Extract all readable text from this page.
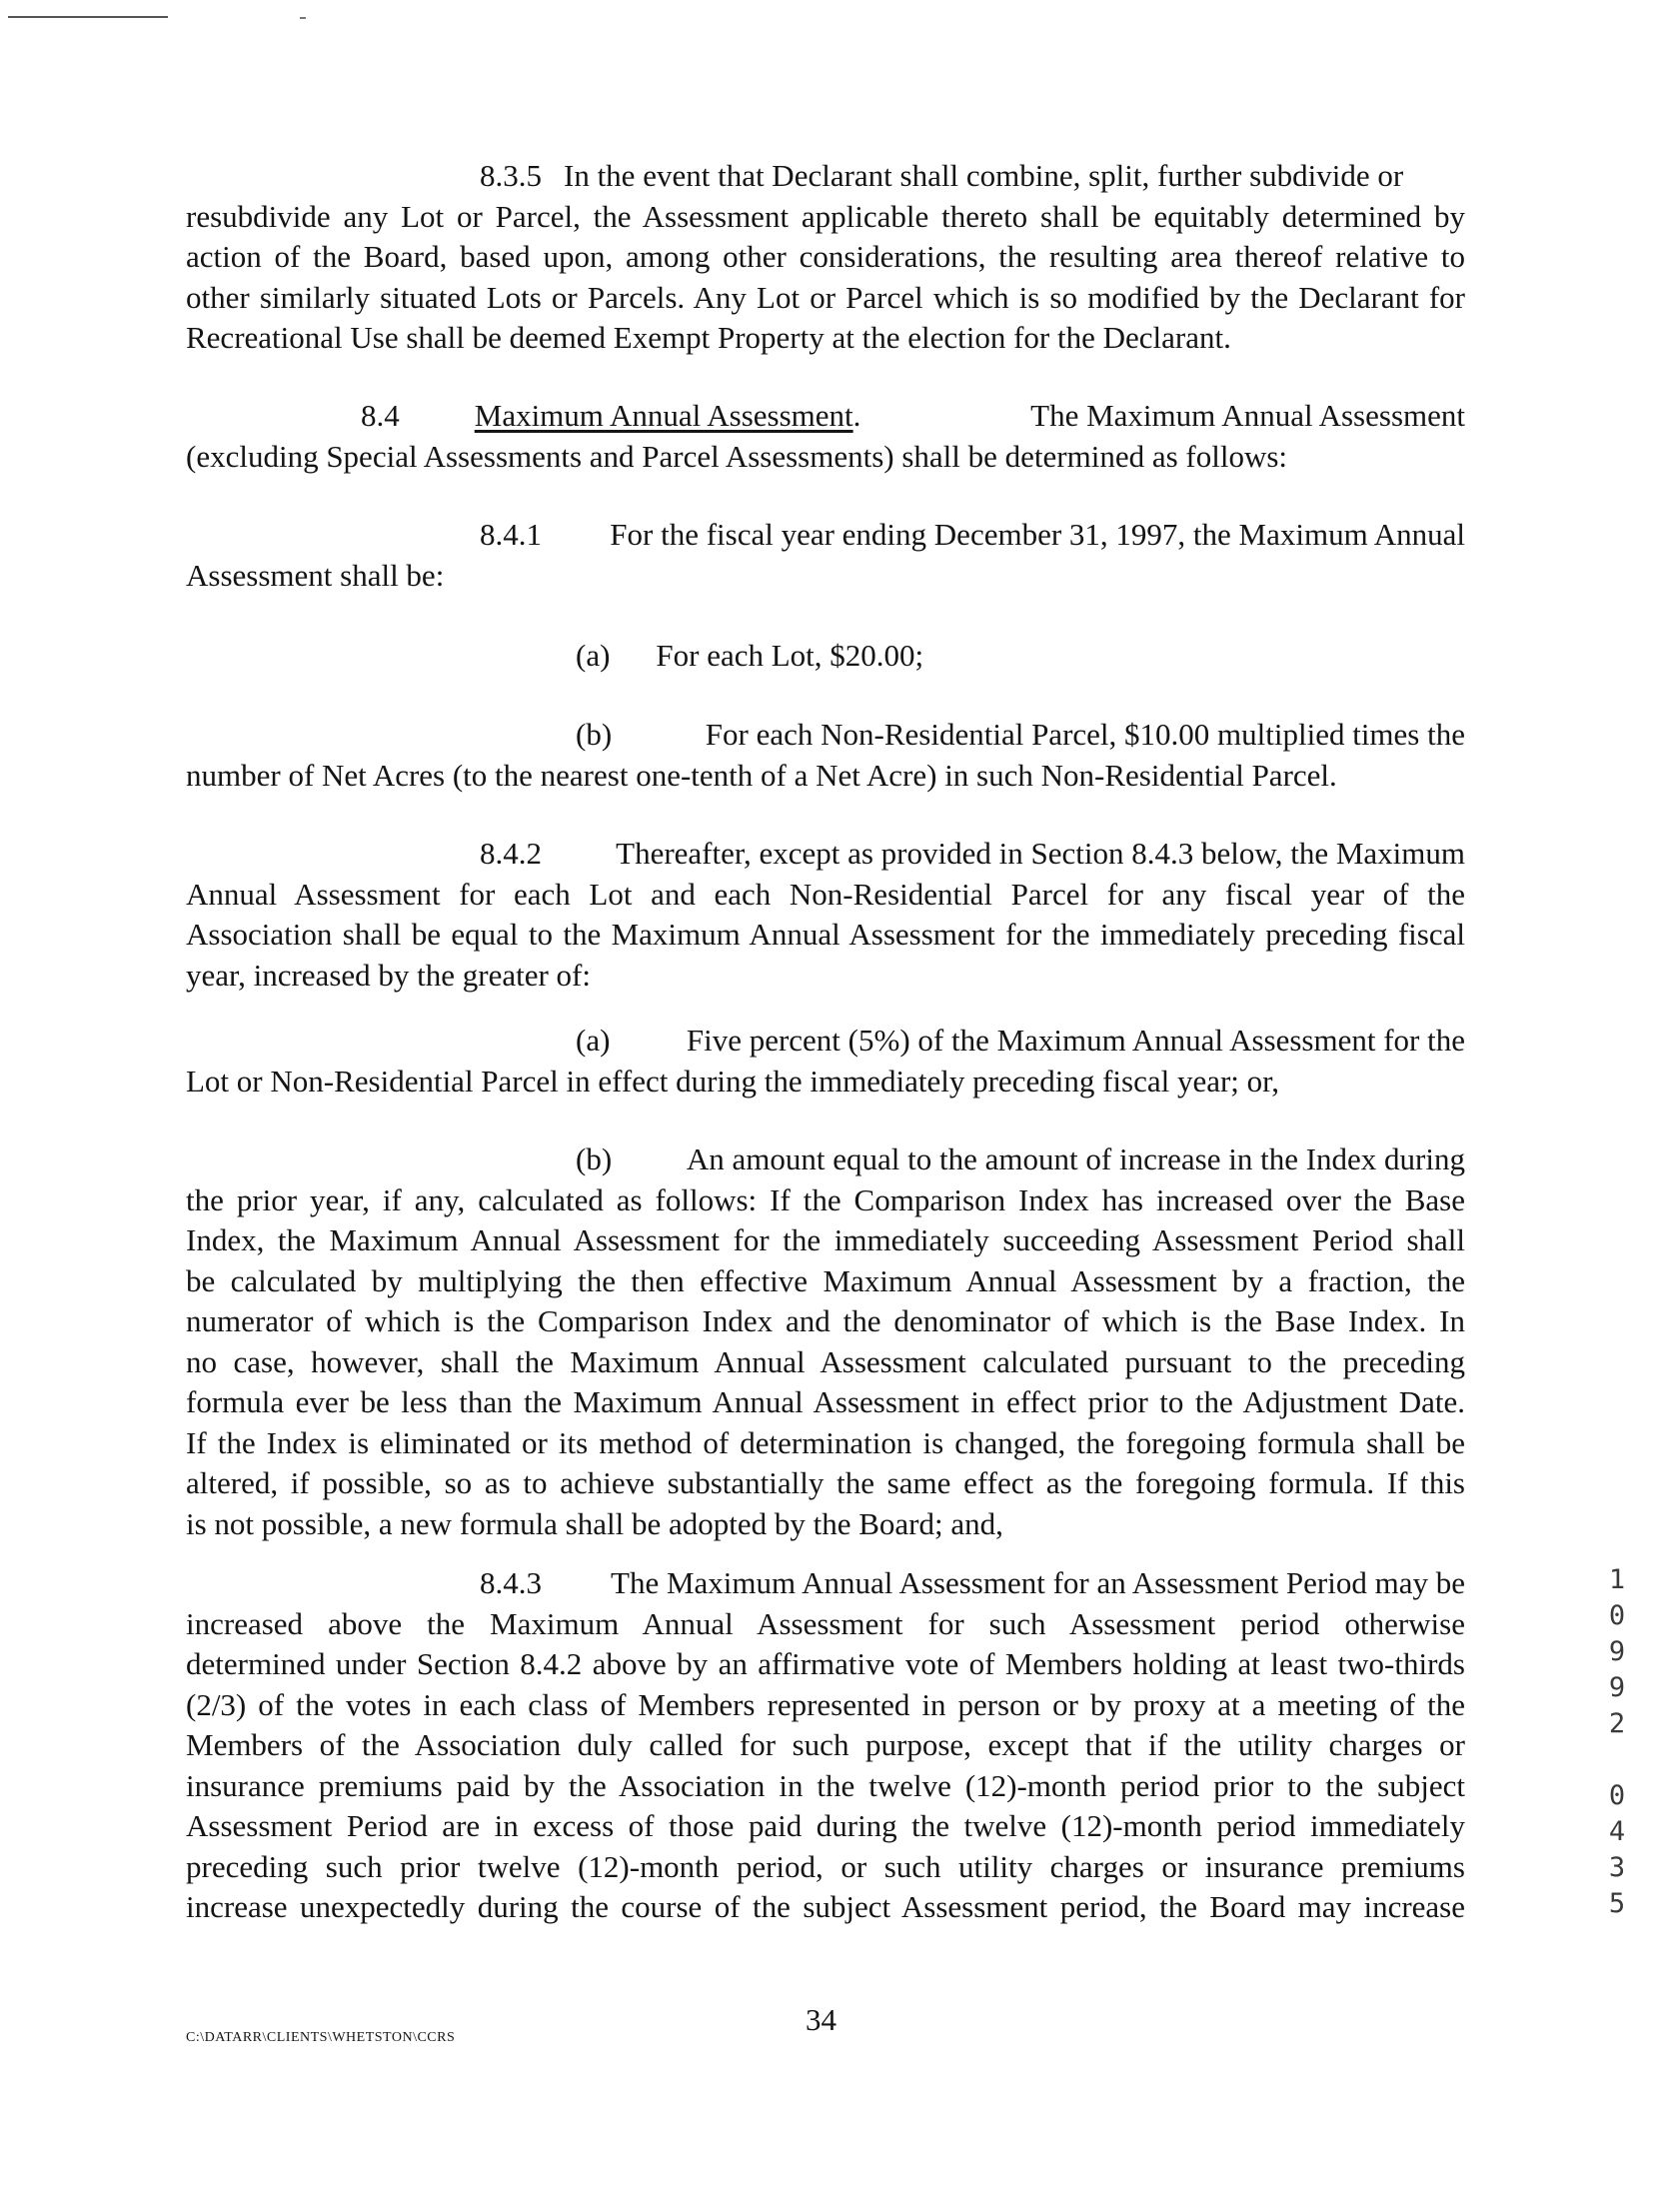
8.3.5 In the event that Declarant shall combine, split, further subdivide or
resubdivide any Lot or Parcel, the Assessment applicable thereto shall be equitably determined by
action of the Board, based upon, among other considerations, the resulting area thereof relative to
other similarly situated Lots or Parcels. Any Lot or Parcel which is so modified by the Declarant for
Recreational Use shall be deemed Exempt Property at the election for the Declarant.
8.4 Maximum Annual Assessment.	The Maximum Annual Assessment
(excluding Special Assessments and Parcel Assessments) shall be determined as follows:
8.4.1	For the fiscal year ending December 31, 1997, the Maximum Annual
Assessment shall be:
(a) For each Lot, $20.00;
(b)	For each Non-Residential Parcel, $10.00 multiplied times the
number of Net Acres (to the nearest one-tenth of a Net Acre) in such Non-Residential Parcel.
8.4.2	Thereafter, except as provided in Section 8.4.3 below, the Maximum
Annual Assessment for each Lot and each Non-Residential Parcel for any fiscal year of the
Association shall be equal to the Maximum Annual Assessment for the immediately preceding fiscal
year, increased by the greater of:
(a)	Five percent (5%) of the Maximum Annual Assessment for the
Lot or Non-Residential Parcel in effect during the immediately preceding fiscal year; or,
(b)	An amount equal to the amount of increase in the Index during
the prior year, if any, calculated as follows: If the Comparison Index has increased over the Base
Index, the Maximum Annual Assessment for the immediately succeeding Assessment Period shall
be calculated by multiplying the then effective Maximum Annual Assessment by a fraction, the
numerator of which is the Comparison Index and the denominator of which is the Base Index. In
no case, however, shall the Maximum Annual Assessment calculated pursuant to the preceding
formula ever be less than the Maximum Annual Assessment in effect prior to the Adjustment Date.
If the Index is eliminated or its method of determination is changed, the foregoing formula shall be
altered, if possible, so as to achieve substantially the same effect as the foregoing formula. If this
is not possible, a new formula shall be adopted by the Board; and,
8.4.3	The Maximum Annual Assessment for an Assessment Period may be
increased above the Maximum Annual Assessment for such Assessment period otherwise
determined under Section 8.4.2 above by an affirmative vote of Members holding at least two-thirds
(2/3) of the votes in each class of Members represented in person or by proxy at a meeting of the
Members of the Association duly called for such purpose, except that if the utility charges or
insurance premiums paid by the Association in the twelve (12)-month period prior to the subject
Assessment Period are in excess of those paid during the twelve (12)-month period immediately
preceding such prior twelve (12)-month period, or such utility charges or insurance premiums
increase unexpectedly during the course of the subject Assessment period, the Board may increase
1
0
9
9
2
0
4
3
5
34
C:\DATARR\CLIENTS\WHETSTON\CCRS
